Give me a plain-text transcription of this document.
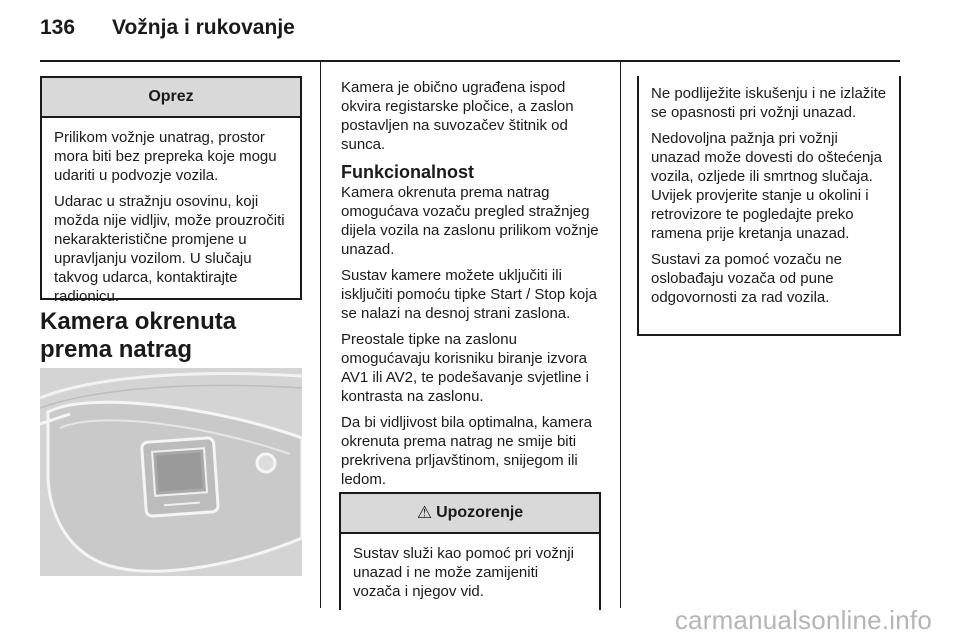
136 Vožnja i rukovanje
Oprez

Prilikom vožnje unatrag, prostor mora biti bez prepreka koje mogu udariti u podvozje vozila.

Udarac u stražnju osovinu, koji možda nije vidljiv, može prouzročiti nekarakteristične promjene u upravljanju vozilom. U slučaju takvog udarca, kontaktirajte radionicu.

Kamera okrenuta prema natrag

Kamera je obično ugrađena ispod okvira registarske pločice, a zaslon postavljen na suvozačev štitnik od sunca.

Funkcionalnost

Kamera okrenuta prema natrag omogućava vozaču pregled stražnjeg dijela vozila na zaslonu prilikom vožnje unazad.

Sustav kamere možete uključiti ili isključiti pomoću tipke Start / Stop koja se nalazi na desnoj strani zaslona.

Preostale tipke na zaslonu omogućavaju korisniku biranje izvora AV1 ili AV2, te podešavanje svjetline i kontrasta na zaslonu.

Da bi vidljivost bila optimalna, kamera okrenuta prema natrag ne smije biti prekrivena prljavštinom, snijegom ili ledom.

⚠ Upozorenje

Sustav služi kao pomoć pri vožnji unazad i ne može zamijeniti vozača i njegov vid.

Ne podliježite iskušenju i ne izlažite se opasnosti pri vožnji unazad.

Nedovoljna pažnja pri vožnji unazad može dovesti do oštećenja vozila, ozljede ili smrtnog slučaja. Uvijek provjerite stanje u okolini i retrovizore te pogledajte preko ramena prije kretanja unazad.

Sustavi za pomoć vozaču ne oslobađaju vozača od pune odgovornosti za rad vozila.

carmanualsonline.info
